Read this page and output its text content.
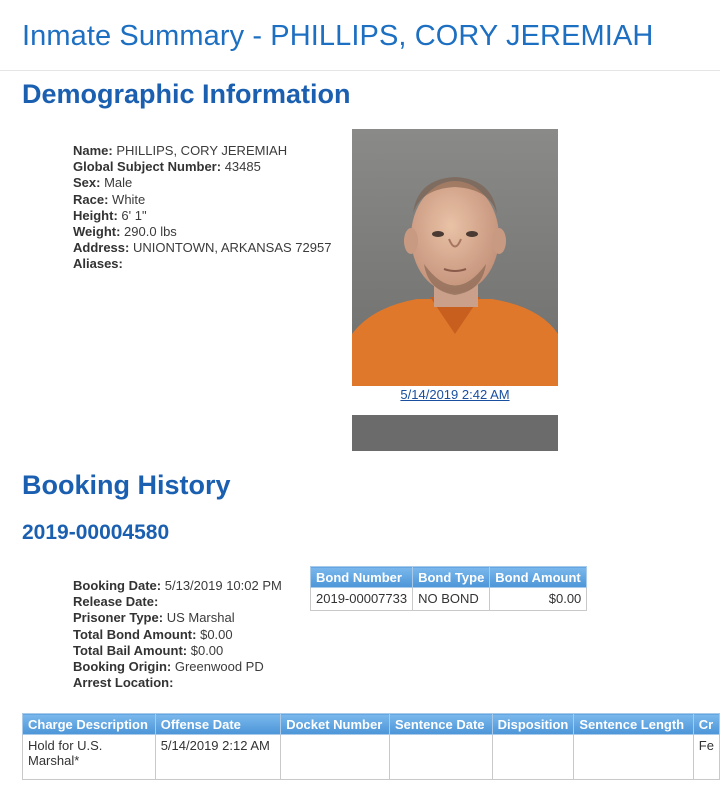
Inmate Summary - PHILLIPS, CORY JEREMIAH
Demographic Information
Name: PHILLIPS, CORY JEREMIAH
Global Subject Number: 43485
Sex: Male
Race: White
Height: 6' 1"
Weight: 290.0 lbs
Address: UNIONTOWN, ARKANSAS 72957
Aliases:
5/14/2019 2:42 AM
Booking History
2019-00004580
Booking Date: 5/13/2019 10:02 PM
Release Date:
Prisoner Type: US Marshal
Total Bond Amount: $0.00
Total Bail Amount: $0.00
Booking Origin: Greenwood PD
Arrest Location:
Bond Number	Bond Type	Bond Amount
2019-00007733	NO BOND	$0.00
Charge Description	Offense Date	Docket Number	Sentence Date	Disposition	Sentence Length	Cr
Hold for U.S. Marshal*	5/14/2019 2:12 AM					Fe
